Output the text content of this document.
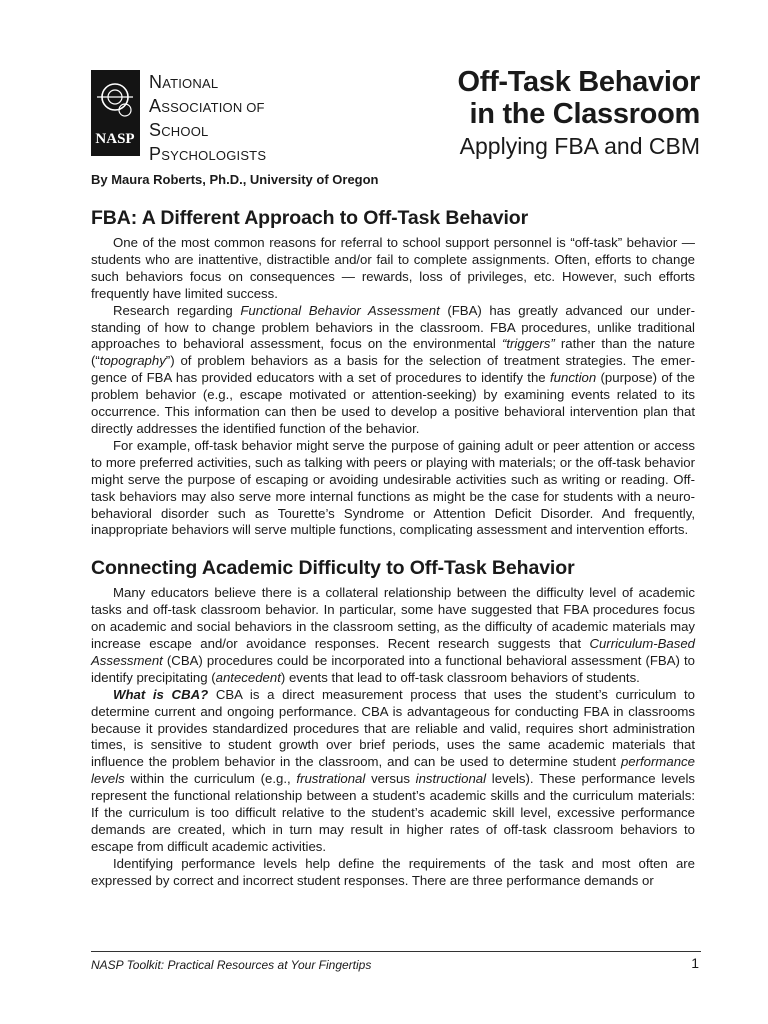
NASP
NATIONAL
ASSOCIATION OF
SCHOOL
PSYCHOLOGISTS
Off-Task Behavior
in the Classroom
Applying FBA and CBM
By Maura Roberts, Ph.D., University of Oregon
FBA: A Different Approach to Off-Task Behavior

One of the most common reasons for referral to school support personnel is “off-task” behavior — students who are inattentive, distractible and/or fail to complete assignments. Often, efforts to change such behaviors focus on consequences — rewards, loss of privileges, etc. However, such efforts frequently have limited success.

Research regarding Functional Behavior Assessment (FBA) has greatly advanced our understanding of how to change problem behaviors in the classroom. FBA procedures, unlike traditional approaches to behavioral assessment, focus on the environmental “triggers” rather than the nature (“topography”) of problem behaviors as a basis for the selection of treatment strategies. The emergence of FBA has provided educators with a set of procedures to identify the function (purpose) of the problem behavior (e.g., escape motivated or attention-seeking) by examining events related to its occurrence. This information can then be used to develop a positive behavioral intervention plan that directly addresses the identified function of the behavior.

For example, off-task behavior might serve the purpose of gaining adult or peer attention or access to more preferred activities, such as talking with peers or playing with materials; or the off-task behavior might serve the purpose of escaping or avoiding undesirable activities such as writing or reading. Off-task behaviors may also serve more internal functions as might be the case for students with a neuro-behavioral disorder such as Tourette’s Syndrome or Attention Deficit Disorder. And frequently, inappropriate behaviors will serve multiple functions, complicating assessment and intervention efforts.

Connecting Academic Difficulty to Off-Task Behavior

Many educators believe there is a collateral relationship between the difficulty level of academic tasks and off-task classroom behavior. In particular, some have suggested that FBA procedures focus on academic and social behaviors in the classroom setting, as the difficulty of academic materials may increase escape and/or avoidance responses. Recent research suggests that Curriculum-Based Assessment (CBA) procedures could be incorporated into a functional behavioral assessment (FBA) to identify precipitating (antecedent) events that lead to off-task classroom behaviors of students.

What is CBA? CBA is a direct measurement process that uses the student’s curriculum to determine current and ongoing performance. CBA is advantageous for conducting FBA in classrooms because it provides standardized procedures that are reliable and valid, requires short administration times, is sensitive to student growth over brief periods, uses the same academic materials that influence the problem behavior in the classroom, and can be used to determine student performance levels within the curriculum (e.g., frustrational versus instructional levels). These performance levels represent the functional relationship between a student’s academic skills and the curriculum materials: If the curriculum is too difficult relative to the student’s academic skill level, excessive performance demands are created, which in turn may result in higher rates of off-task classroom behaviors to escape from difficult academic activities.

Identifying performance levels help define the requirements of the task and most often are expressed by correct and incorrect student responses. There are three performance demands or

NASP Toolkit: Practical Resources at Your Fingertips	1
